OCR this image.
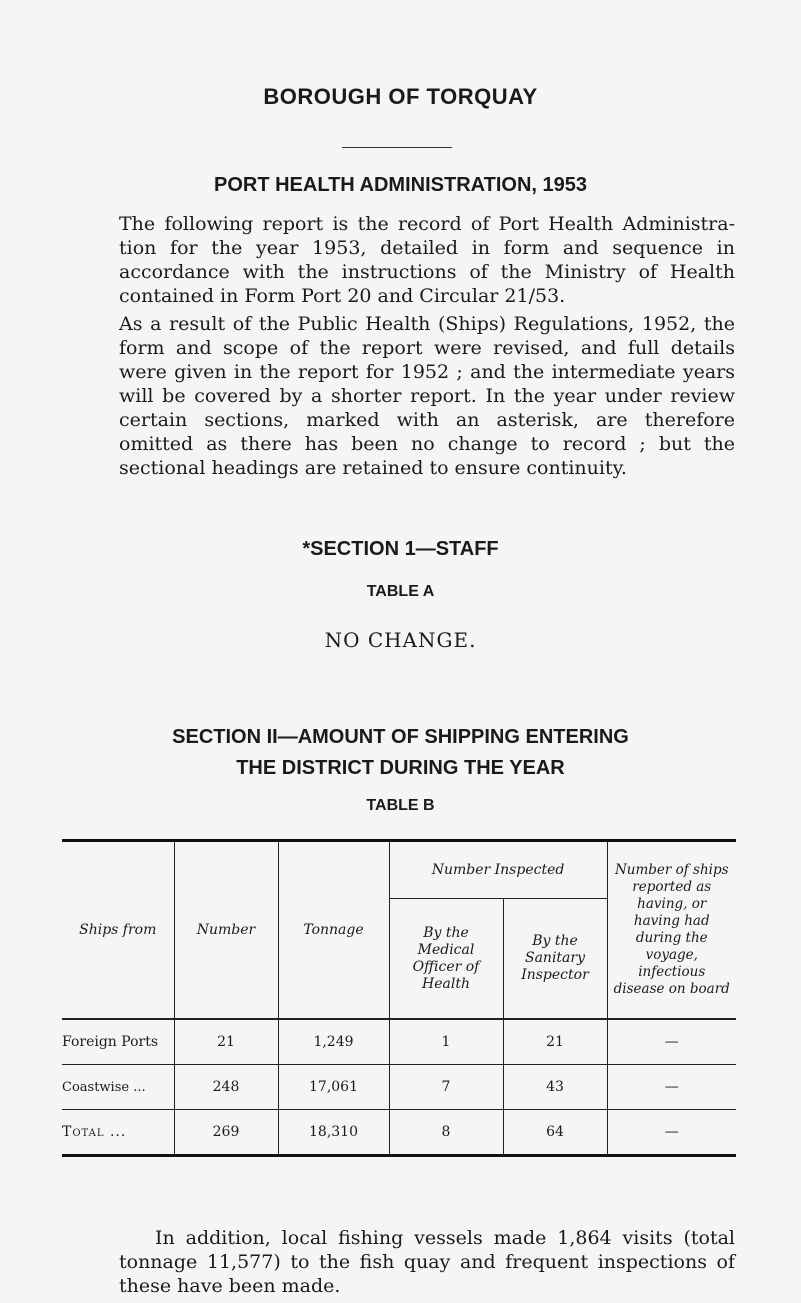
BOROUGH OF TORQUAY
PORT HEALTH ADMINISTRATION, 1953
The following report is the record of Port Health Administra-tion for the year 1953, detailed in form and sequence in accordance with the instructions of the Ministry of Health contained in Form Port 20 and Circular 21/53.
As a result of the Public Health (Ships) Regulations, 1952, the form and scope of the report were revised, and full details were given in the report for 1952 ; and the intermediate years will be covered by a shorter report. In the year under review certain sections, marked with an asterisk, are therefore omitted as there has been no change to record ; but the sectional headings are retained to ensure continuity.
*SECTION 1—STAFF
TABLE A
NO CHANGE.
SECTION II—AMOUNT OF SHIPPING ENTERING
THE DISTRICT DURING THE YEAR
TABLE B
Ships from	Number	Tonnage	Number Inspected		Number of ships reported as having, or having had during the voyage, infectious disease on board
			By the Medical Officer of Health	By the Sanitary Inspector	
Foreign Ports	21	1,249	1	21	—
Coastwise ...	248	17,061	7	43	—
Total ...	269	18,310	8	64	—
In addition, local fishing vessels made 1,864 visits (total tonnage 11,577) to the fish quay and frequent inspections of these have been made.
